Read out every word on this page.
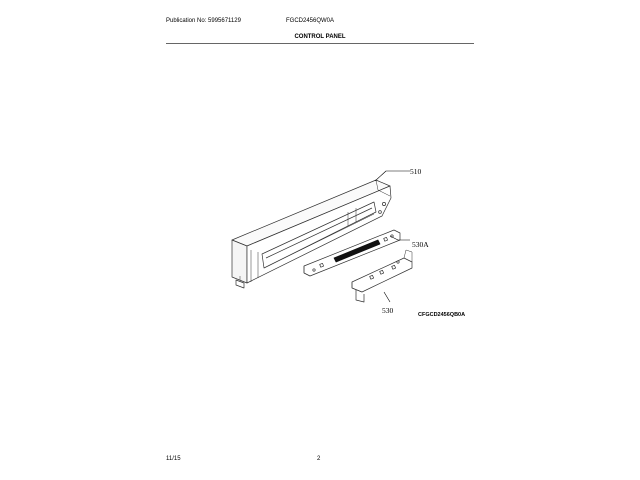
Publication No: 5995671129	FGCD2456QW0A
CONTROL PANEL
510
530A
530	CFGCD2456QB0A
11/15	2
